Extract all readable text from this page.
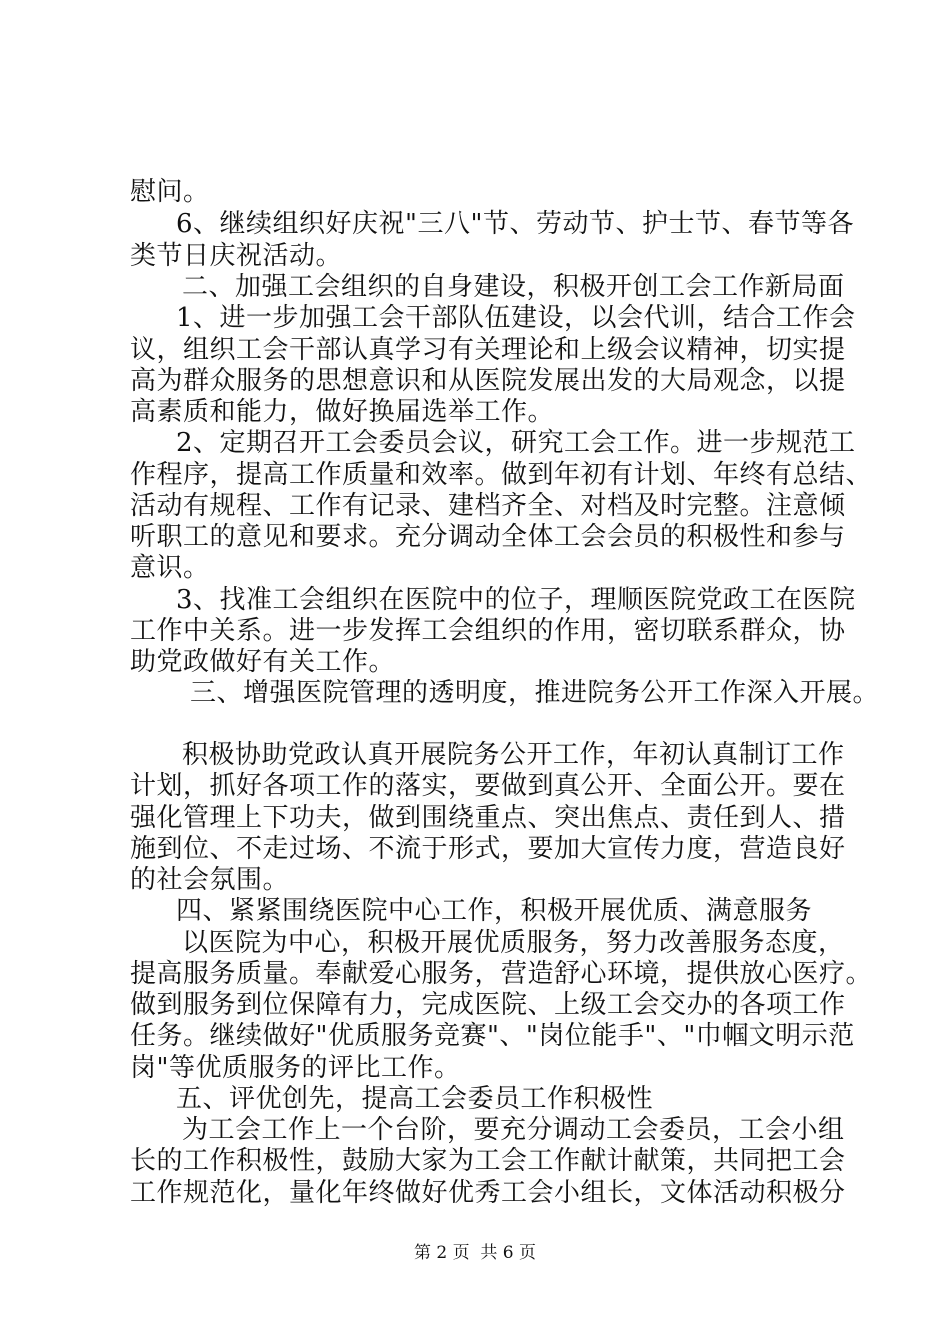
慰问。
6、继续组织好庆祝"三八"节、劳动节、护士节、春节等各
类节日庆祝活动。
二、加强工会组织的自身建设，积极开创工会工作新局面
1、进一步加强工会干部队伍建设，以会代训，结合工作会
议，组织工会干部认真学习有关理论和上级会议精神，切实提
高为群众服务的思想意识和从医院发展出发的大局观念，以提
高素质和能力，做好换届选举工作。
2、定期召开工会委员会议，研究工会工作。进一步规范工
作程序，提高工作质量和效率。做到年初有计划、年终有总结、
活动有规程、工作有记录、建档齐全、对档及时完整。注意倾
听职工的意见和要求。充分调动全体工会会员的积极性和参与
意识。
3、找准工会组织在医院中的位子，理顺医院党政工在医院
工作中关系。进一步发挥工会组织的作用，密切联系群众，协
助党政做好有关工作。
三、增强医院管理的透明度，推进院务公开工作深入开展。
积极协助党政认真开展院务公开工作，年初认真制订工作
计划，抓好各项工作的落实，要做到真公开、全面公开。要在
强化管理上下功夫，做到围绕重点、突出焦点、责任到人、措
施到位、不走过场、不流于形式，要加大宣传力度，营造良好
的社会氛围。
四、紧紧围绕医院中心工作，积极开展优质、满意服务
以医院为中心，积极开展优质服务，努力改善服务态度，
提高服务质量。奉献爱心服务，营造舒心环境，提供放心医疗。
做到服务到位保障有力，完成医院、上级工会交办的各项工作
任务。继续做好"优质服务竞赛"、"岗位能手"、"巾帼文明示范
岗"等优质服务的评比工作。
五、评优创先，提高工会委员工作积极性
为工会工作上一个台阶，要充分调动工会委员，工会小组
长的工作积极性，鼓励大家为工会工作献计献策，共同把工会
工作规范化，量化年终做好优秀工会小组长，文体活动积极分
第 2 页  共 6 页
